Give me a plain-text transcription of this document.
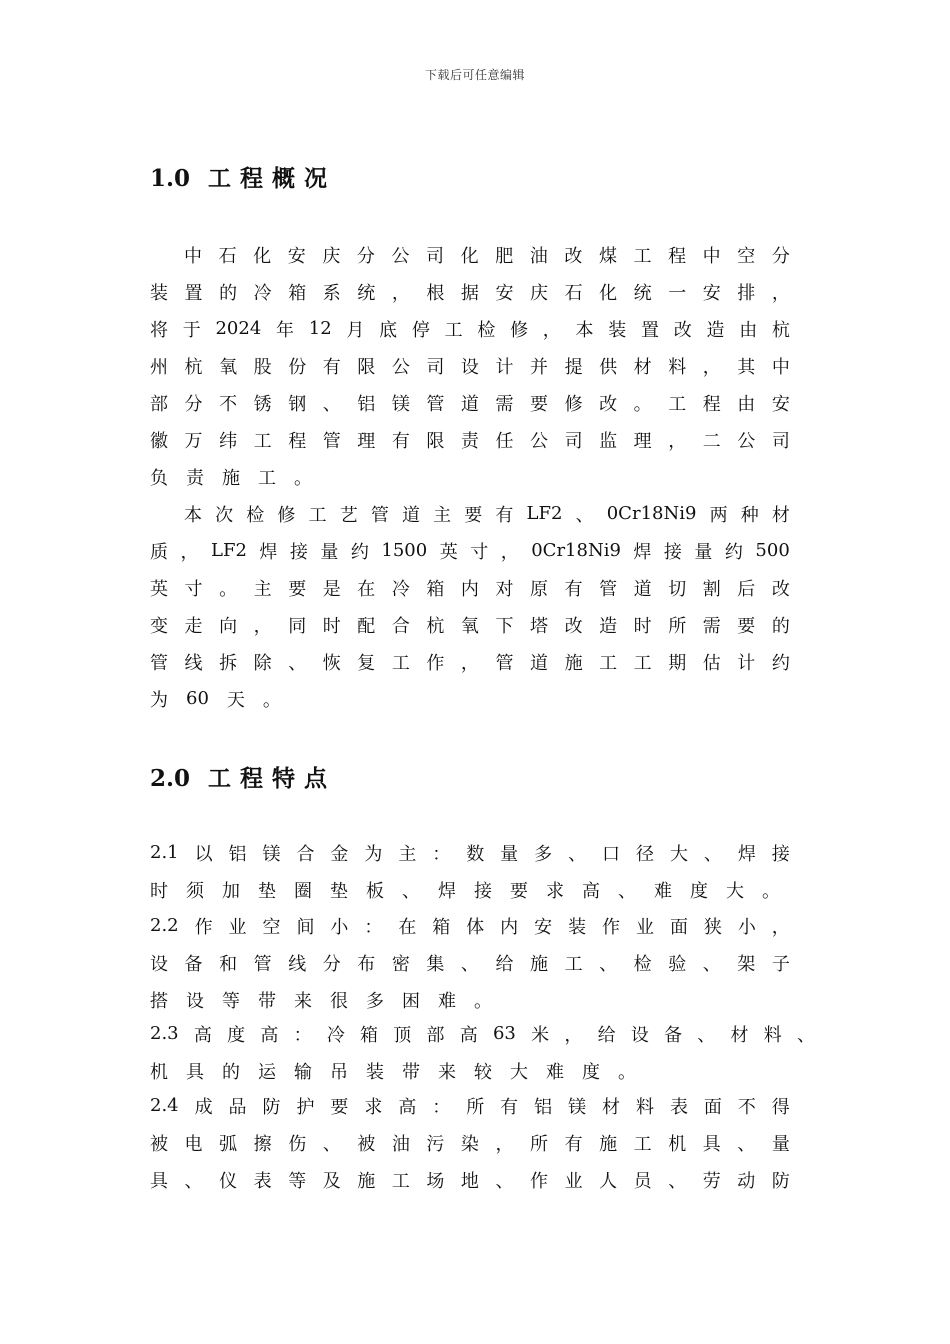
下载后可任意编辑
1.0 工程概况
中 石 化 安 庆 分 公 司 化 肥 油 改 煤 工 程 中 空 分
装 置 的 冷 箱 系 统 ， 根 据 安 庆 石 化 统 一 安 排 ，
将 于 2024 年 12 月 底 停 工 检 修 ， 本 装 置 改 造 由 杭
州 杭 氧 股 份 有 限 公 司 设 计 并 提 供 材 料 ， 其 中
部 分 不 锈 钢 、 铝 镁 管 道 需 要 修 改 。 工 程 由 安
徽 万 纬 工 程 管 理 有 限 责 任 公 司 监 理 ， 二 公 司
负 责 施 工 。
本 次 检 修 工 艺 管 道 主 要 有 LF2 、 0Cr18Ni9 两 种 材
质 ， LF2 焊 接 量 约 1500 英 寸 ， 0Cr18Ni9 焊 接 量 约 500
英 寸 。 主 要 是 在 冷 箱 内 对 原 有 管 道 切 割 后 改
变 走 向 ， 同 时 配 合 杭 氧 下 塔 改 造 时 所 需 要 的
管 线 拆 除 、 恢 复 工 作 ， 管 道 施 工 工 期 估 计 约
为 60 天 。
2.0 工程特点
2.1 以 铝 镁 合 金 为 主 ： 数 量 多 、 口 径 大 、 焊 接
时 须 加 垫 圈 垫 板 、 焊 接 要 求 高 、 难 度 大 。
2.2 作 业 空 间 小 ： 在 箱 体 内 安 装 作 业 面 狭 小 ，
设 备 和 管 线 分 布 密 集 、 给 施 工 、 检 验 、 架 子
搭 设 等 带 来 很 多 困 难 。
2.3 高 度 高 ： 冷 箱 顶 部 高 63 米 ， 给 设 备 、 材 料 、
机 具 的 运 输 吊 装 带 来 较 大 难 度 。
2.4 成 品 防 护 要 求 高 ： 所 有 铝 镁 材 料 表 面 不 得
被 电 弧 擦 伤 、 被 油 污 染 ， 所 有 施 工 机 具 、 量
具 、 仪 表 等 及 施 工 场 地 、 作 业 人 员 、 劳 动 防
